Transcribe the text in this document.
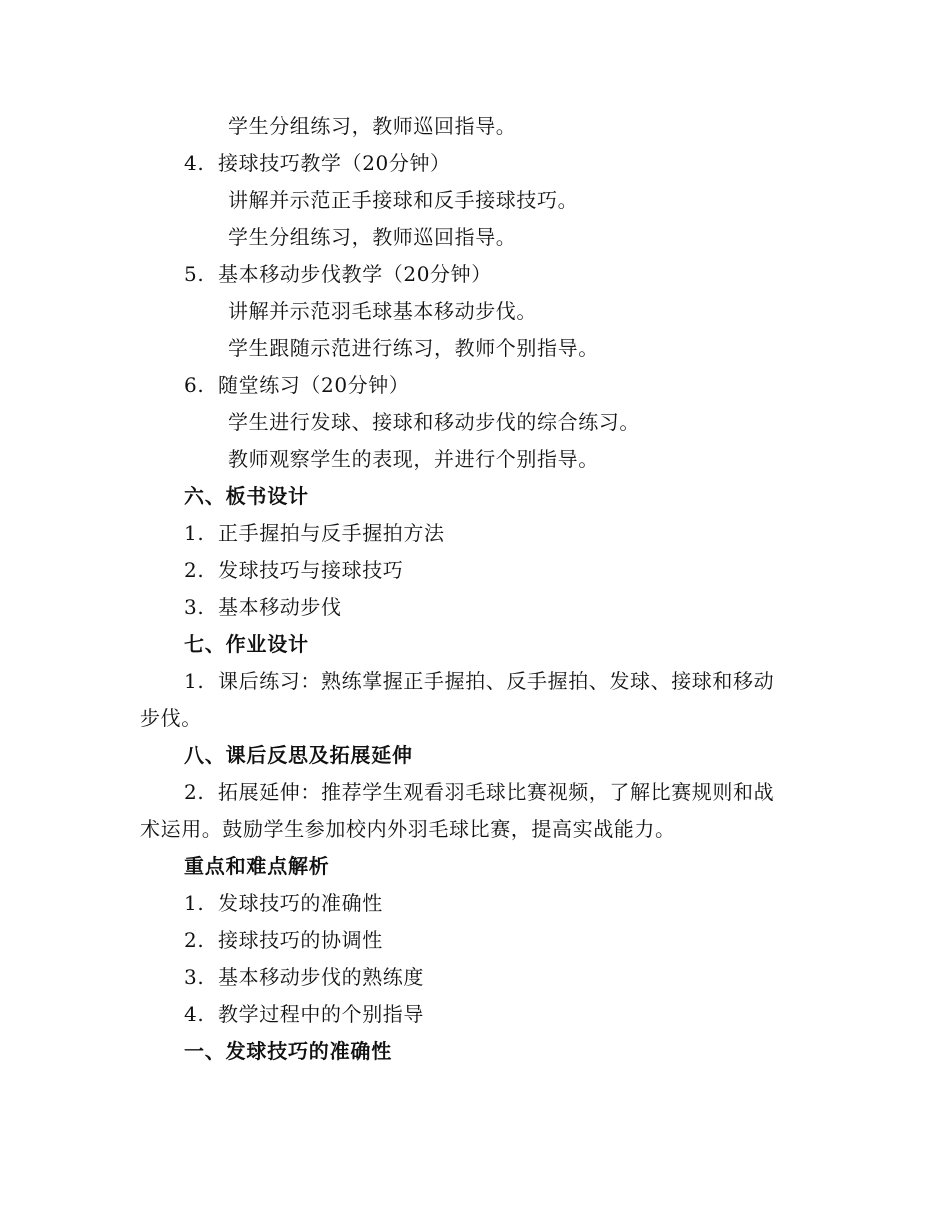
学生分组练习，教师巡回指导。
4. 接球技巧教学（20分钟）
讲解并示范正手接球和反手接球技巧。
学生分组练习，教师巡回指导。
5. 基本移动步伐教学（20分钟）
讲解并示范羽毛球基本移动步伐。
学生跟随示范进行练习，教师个别指导。
6. 随堂练习（20分钟）
学生进行发球、接球和移动步伐的综合练习。
教师观察学生的表现，并进行个别指导。
六、板书设计
1. 正手握拍与反手握拍方法
2. 发球技巧与接球技巧
3. 基本移动步伐
七、作业设计
1. 课后练习：熟练掌握正手握拍、反手握拍、发球、接球和移动
步伐。
八、课后反思及拓展延伸
2. 拓展延伸：推荐学生观看羽毛球比赛视频，了解比赛规则和战
术运用。鼓励学生参加校内外羽毛球比赛，提高实战能力。
重点和难点解析
1. 发球技巧的准确性
2. 接球技巧的协调性
3. 基本移动步伐的熟练度
4. 教学过程中的个别指导
一、发球技巧的准确性
